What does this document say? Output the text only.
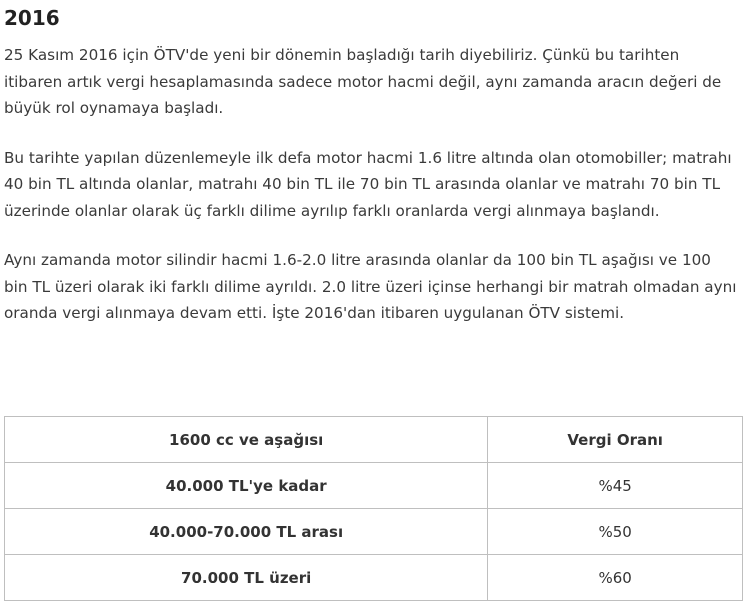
2016

25 Kasım 2016 için ÖTV'de yeni bir dönemin başladığı tarih diyebiliriz. Çünkü bu tarihten itibaren artık vergi hesaplamasında sadece motor hacmi değil, aynı zamanda aracın değeri de büyük rol oynamaya başladı.

Bu tarihte yapılan düzenlemeyle ilk defa motor hacmi 1.6 litre altında olan otomobiller; matrahı 40 bin TL altında olanlar, matrahı 40 bin TL ile 70 bin TL arasında olanlar ve matrahı 70 bin TL üzerinde olanlar olarak üç farklı dilime ayrılıp farklı oranlarda vergi alınmaya başlandı.

Aynı zamanda motor silindir hacmi 1.6-2.0 litre arasında olanlar da 100 bin TL aşağısı ve 100 bin TL üzeri olarak iki farklı dilime ayrıldı. 2.0 litre üzeri içinse herhangi bir matrah olmadan aynı oranda vergi alınmaya devam etti. İşte 2016'dan itibaren uygulanan ÖTV sistemi.

1600 cc ve aşağısı	Vergi Oranı
40.000 TL'ye kadar	%45
40.000-70.000 TL arası	%50
70.000 TL üzeri	%60
